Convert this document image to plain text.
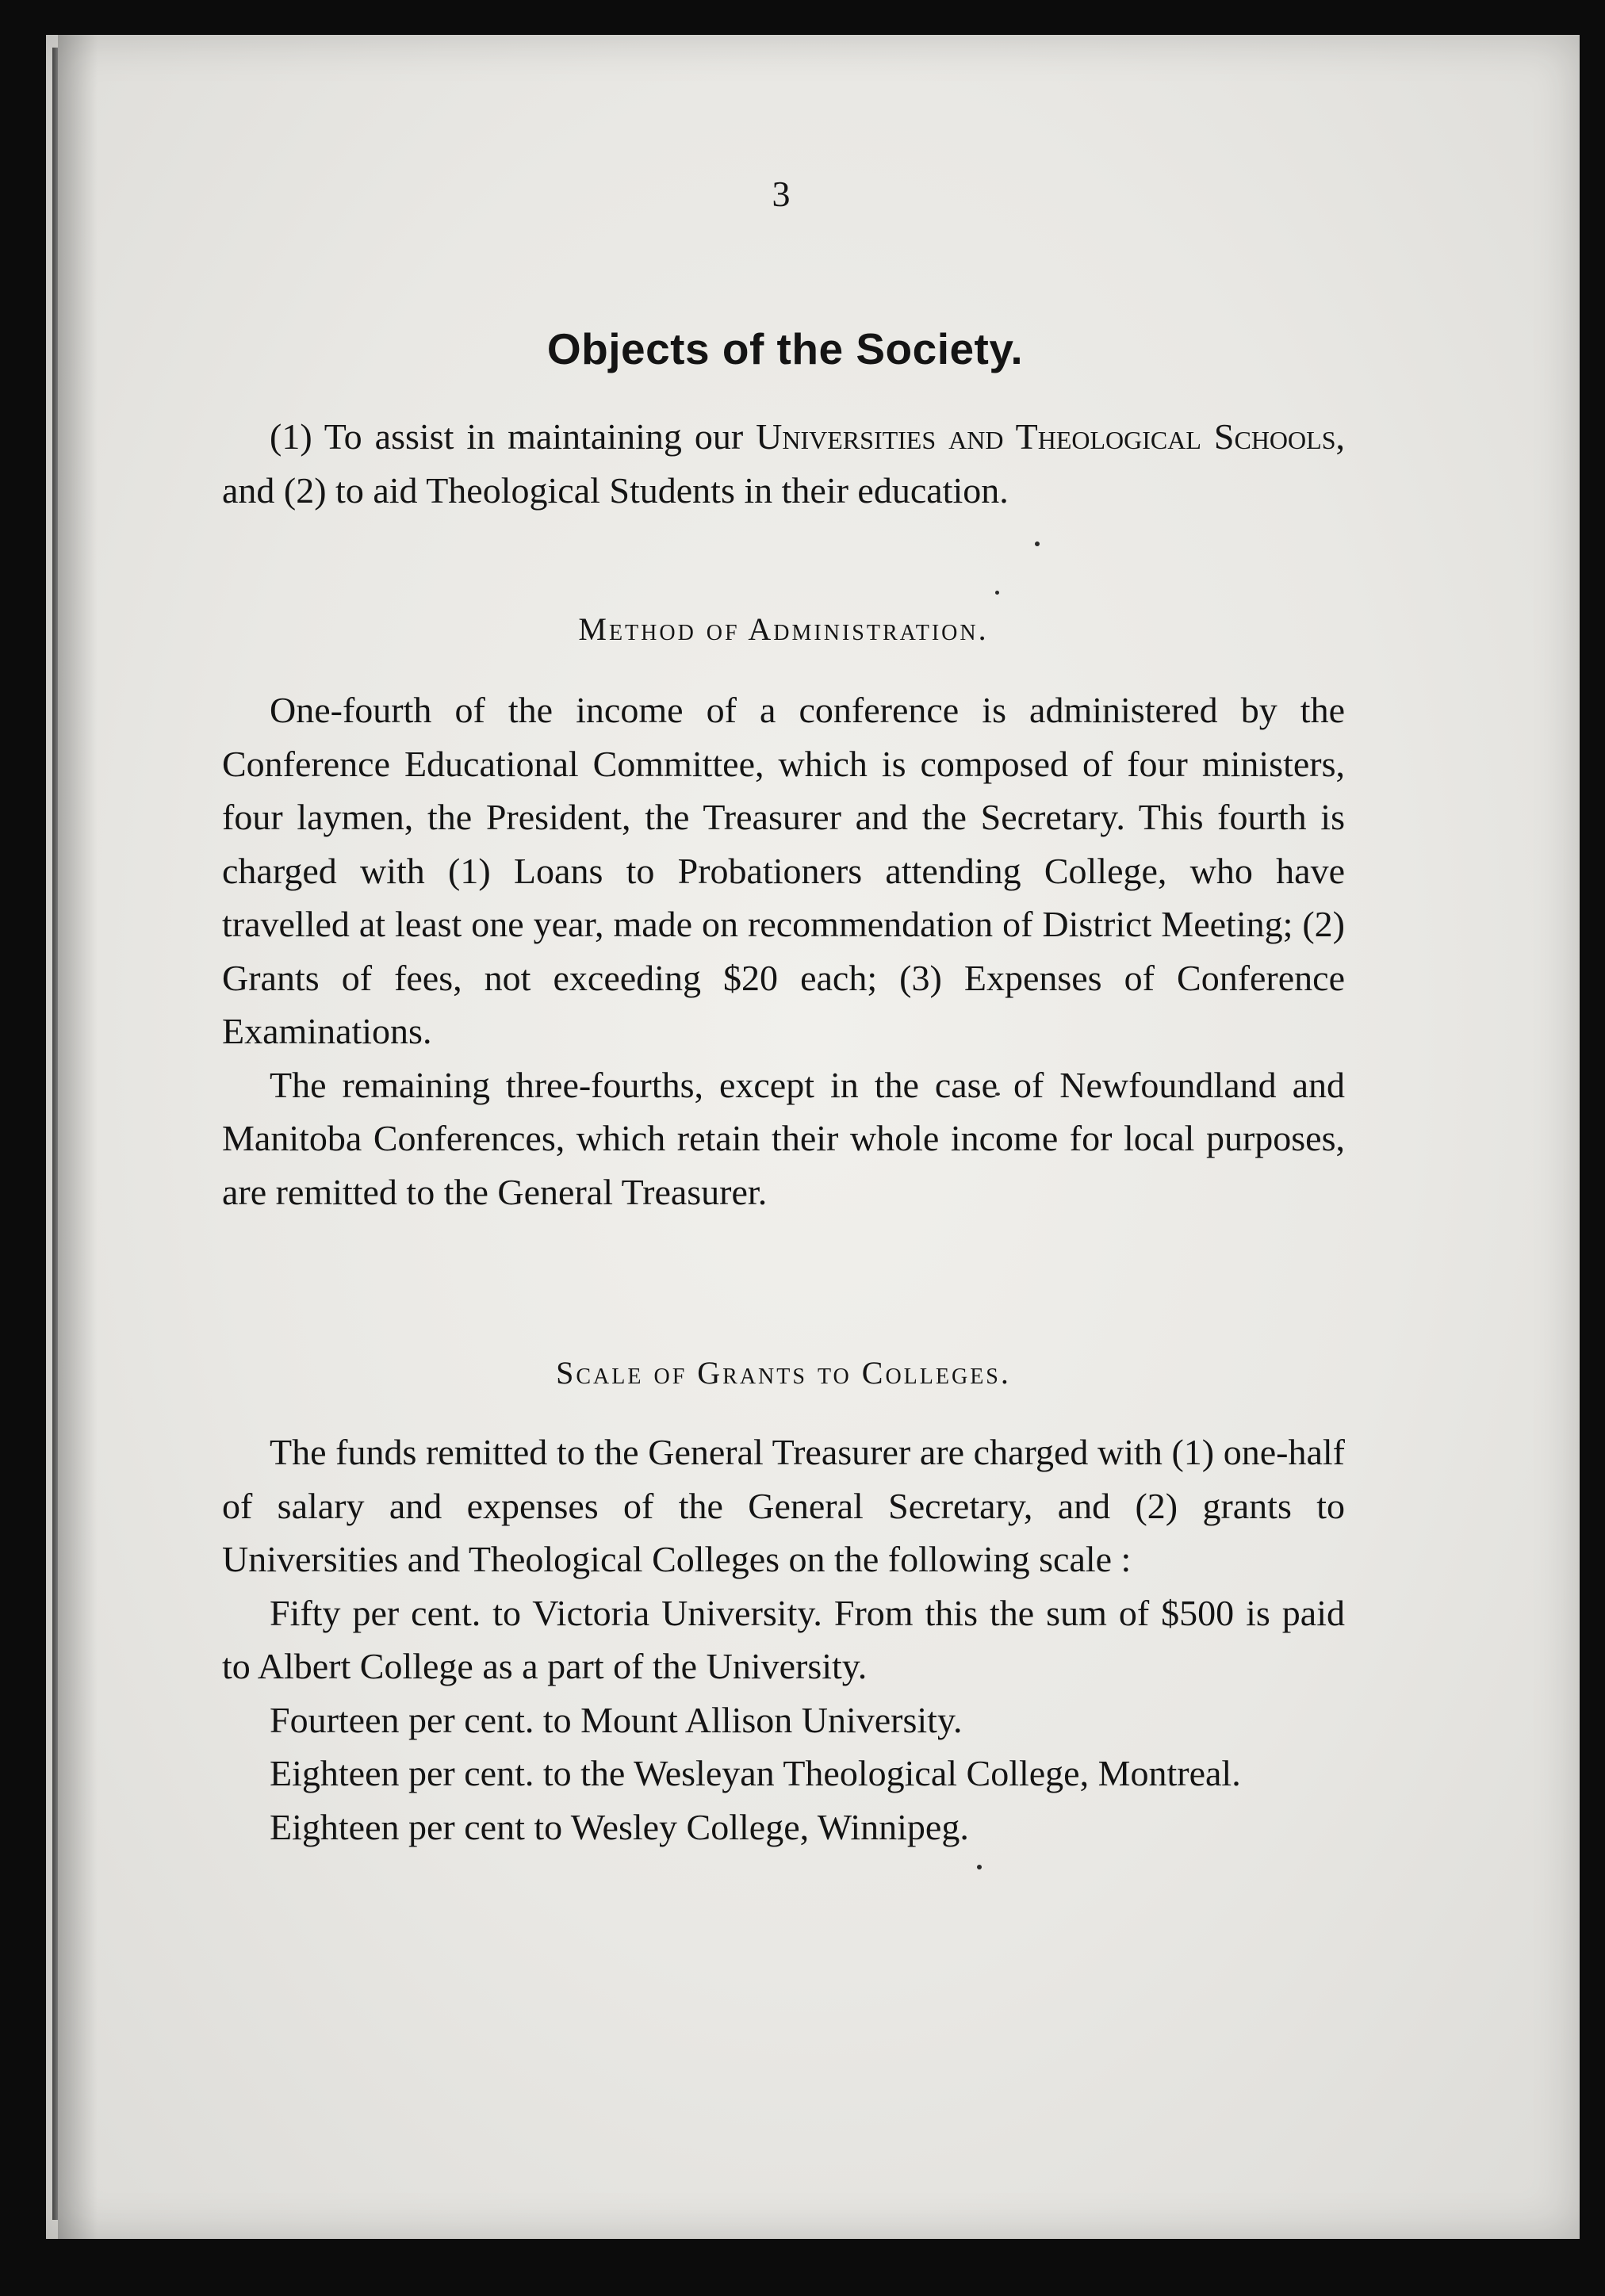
3
Objects of the Society.

(1) To assist in maintaining our Universities and Theological Schools, and (2) to aid Theological Students in their education.

Method of Administration.

One-fourth of the income of a conference is administered by the Conference Educational Committee, which is composed of four ministers, four laymen, the President, the Treasurer and the Secretary. This fourth is charged with (1) Loans to Probationers attending College, who have travelled at least one year, made on recommendation of District Meeting; (2) Grants of fees, not exceeding $20 each; (3) Expenses of Conference Examinations.

The remaining three-fourths, except in the case of Newfoundland and Manitoba Conferences, which retain their whole income for local purposes, are remitted to the General Treasurer.

Scale of Grants to Colleges.

The funds remitted to the General Treasurer are charged with (1) one-half of salary and expenses of the General Secretary, and (2) grants to Universities and Theological Colleges on the following scale :

Fifty per cent. to Victoria University. From this the sum of $500 is paid to Albert College as a part of the University.

Fourteen per cent. to Mount Allison University.

Eighteen per cent. to the Wesleyan Theological College, Montreal.

Eighteen per cent to Wesley College, Winnipeg.
